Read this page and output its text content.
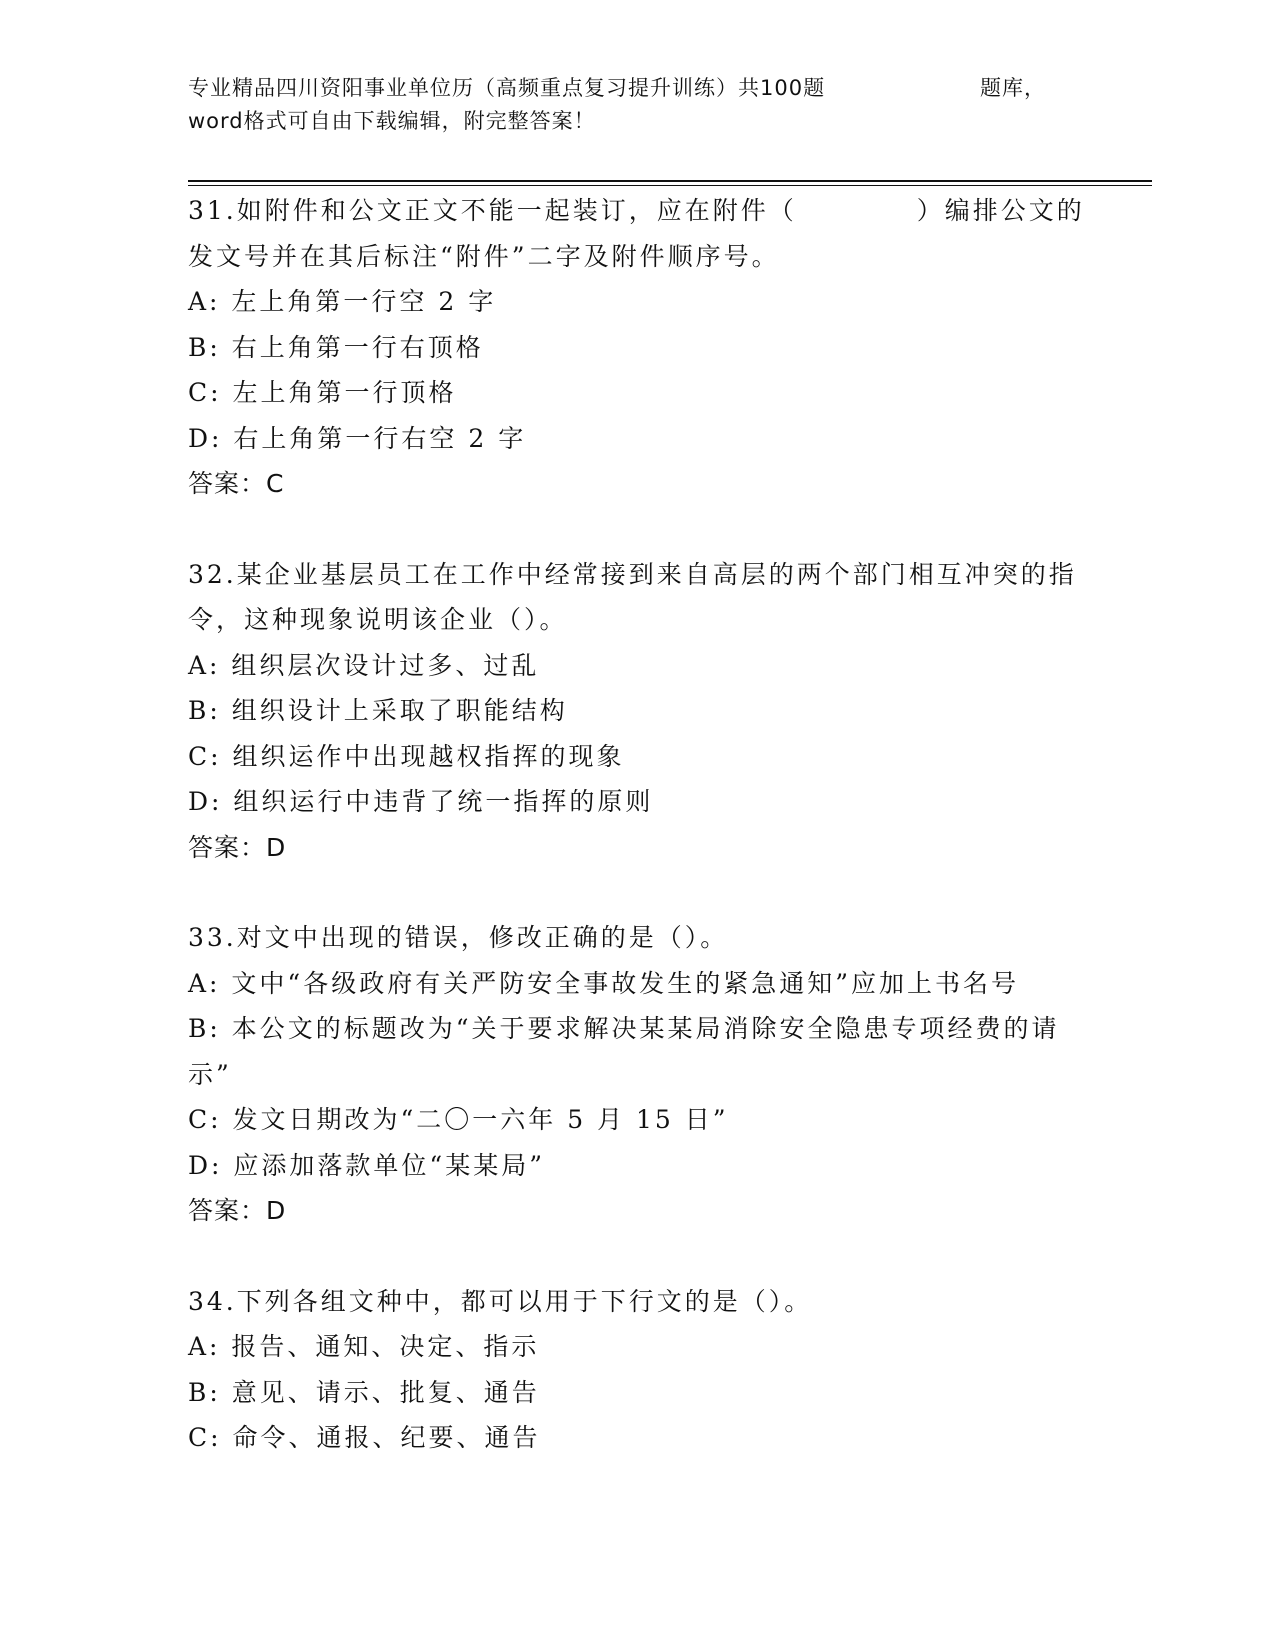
专业精品四川资阳事业单位历（高频重点复习提升训练）共100题	题库，
word格式可自由下载编辑，附完整答案！

31.如附件和公文正文不能一起装订，应在附件（	）编排公文的发文号并在其后标注“附件”二字及附件顺序号。

A: 左上角第一行空 2 字

B: 右上角第一行右顶格

C: 左上角第一行顶格

D: 右上角第一行右空 2 字

答案：C

32.某企业基层员工在工作中经常接到来自高层的两个部门相互冲突的指令，这种现象说明该企业（）。

A: 组织层次设计过多、过乱

B: 组织设计上采取了职能结构

C: 组织运作中出现越权指挥的现象

D: 组织运行中违背了统一指挥的原则

答案：D

33.对文中出现的错误，修改正确的是（）。

A: 文中“各级政府有关严防安全事故发生的紧急通知”应加上书名号

B: 本公文的标题改为“关于要求解决某某局消除安全隐患专项经费的请示”

C: 发文日期改为“二〇一六年 5 月 15 日”

D: 应添加落款单位“某某局”

答案：D

34.下列各组文种中，都可以用于下行文的是（）。

A: 报告、通知、决定、指示

B: 意见、请示、批复、通告

C: 命令、通报、纪要、通告
